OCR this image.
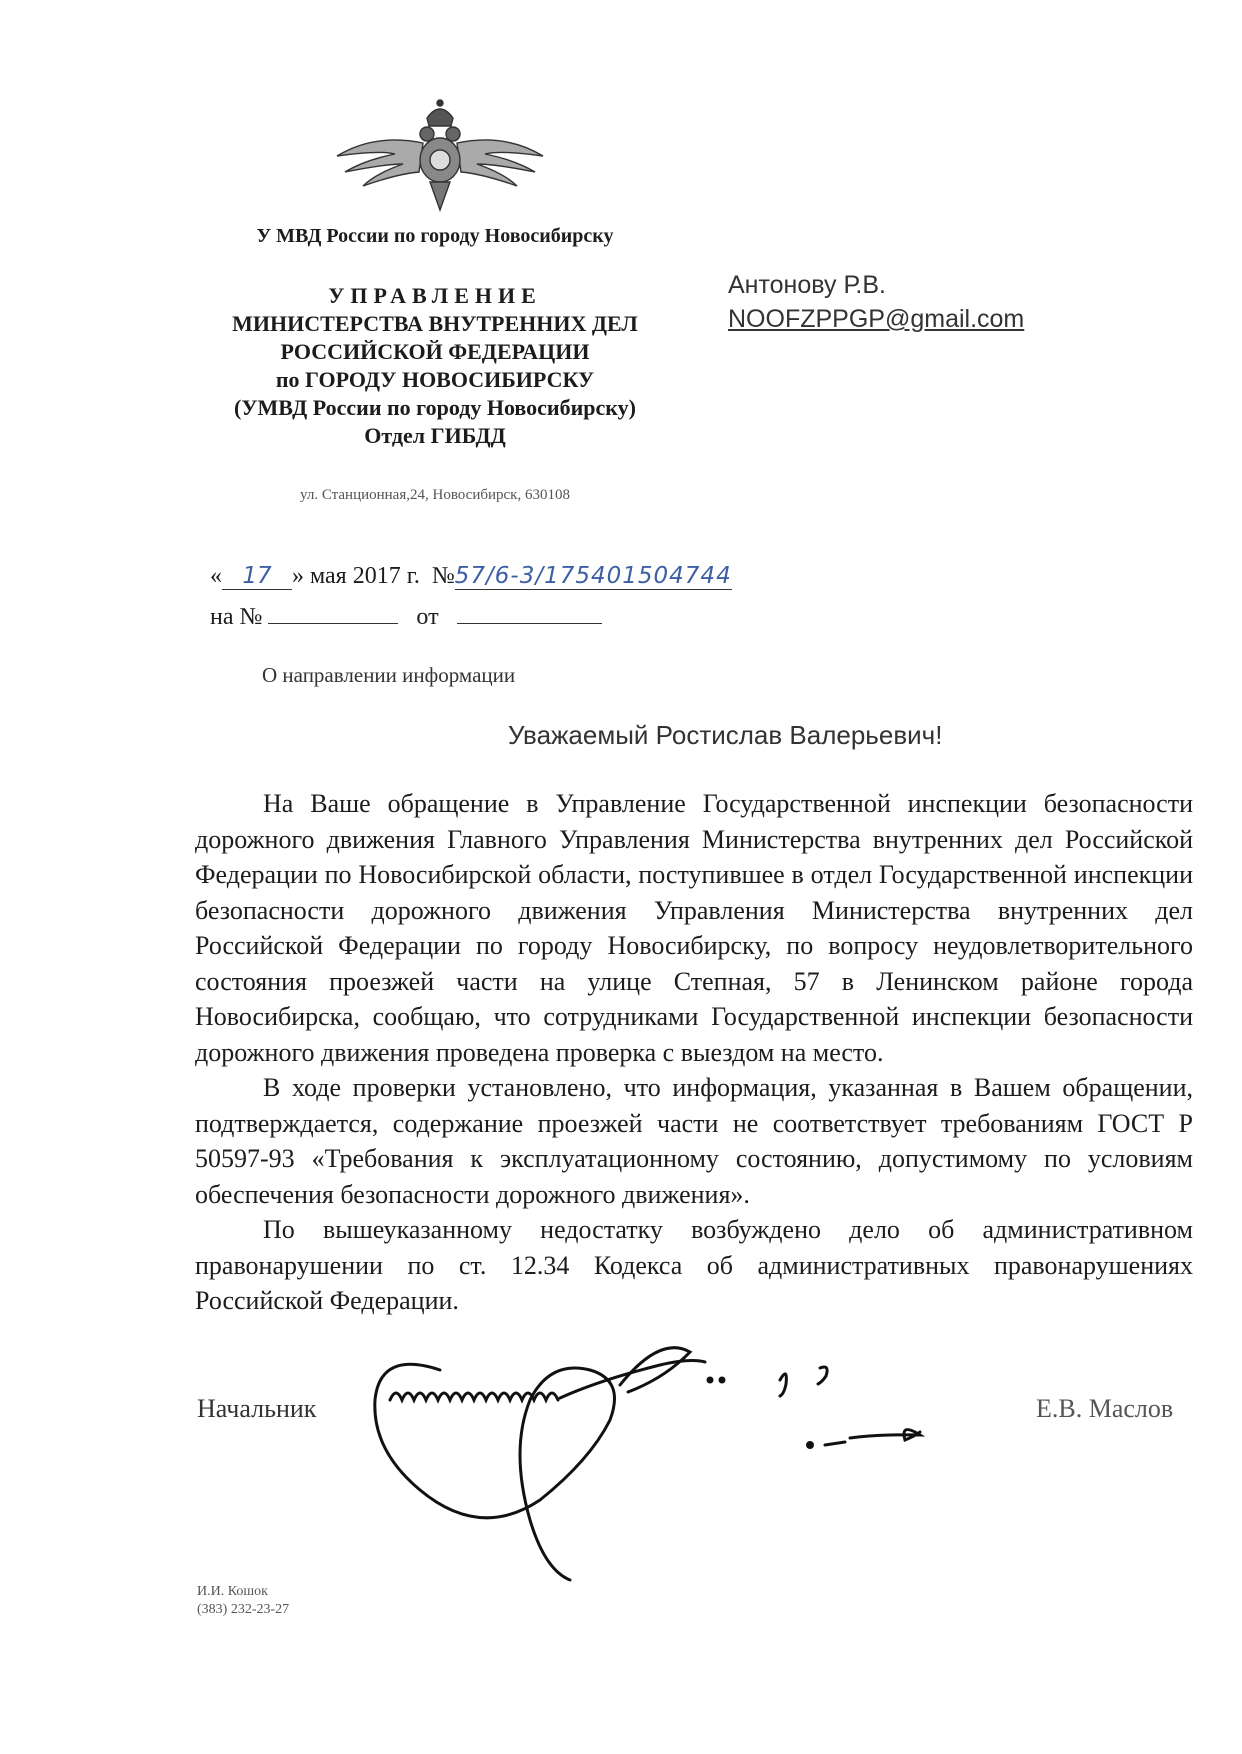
У МВД России по городу Новосибирску
УПРАВЛЕНИЕ
МИНИСТЕРСТВА ВНУТРЕННИХ ДЕЛ
РОССИЙСКОЙ ФЕДЕРАЦИИ
по ГОРОДУ НОВОСИБИРСКУ
(УМВД России по городу Новосибирску)
Отдел ГИБДД
ул. Станционная,24, Новосибирск, 630108
Антонову Р.В.
NOOFZPPGP@gmail.com
« 17 » мая 2017 г. №57/6-3/175401504744
на №	от
О направлении информации
Уважаемый Ростислав Валерьевич!

На Ваше обращение в Управление Государственной инспекции безопасности дорожного движения Главного Управления Министерства внутренних дел Российской Федерации по Новосибирской области, поступившее в отдел Государственной инспекции безопасности дорожного движения Управления Министерства внутренних дел Российской Федерации по городу Новосибирску, по вопросу неудовлетворительного состояния проезжей части на улице Степная, 57 в Ленинском районе города Новосибирска, сообщаю, что сотрудниками Государственной инспекции безопасности дорожного движения проведена проверка с выездом на место.

В ходе проверки установлено, что информация, указанная в Вашем обращении, подтверждается, содержание проезжей части не соответствует требованиям ГОСТ Р 50597-93 «Требования к эксплуатационному состоянию, допустимому по условиям обеспечения безопасности дорожного движения».

По вышеуказанному недостатку возбуждено дело об административном правонарушении по ст. 12.34 Кодекса об административных правонарушениях Российской Федерации.

Начальник	Е.В. Маслов
И.И. Кошок
(383) 232-23-27
